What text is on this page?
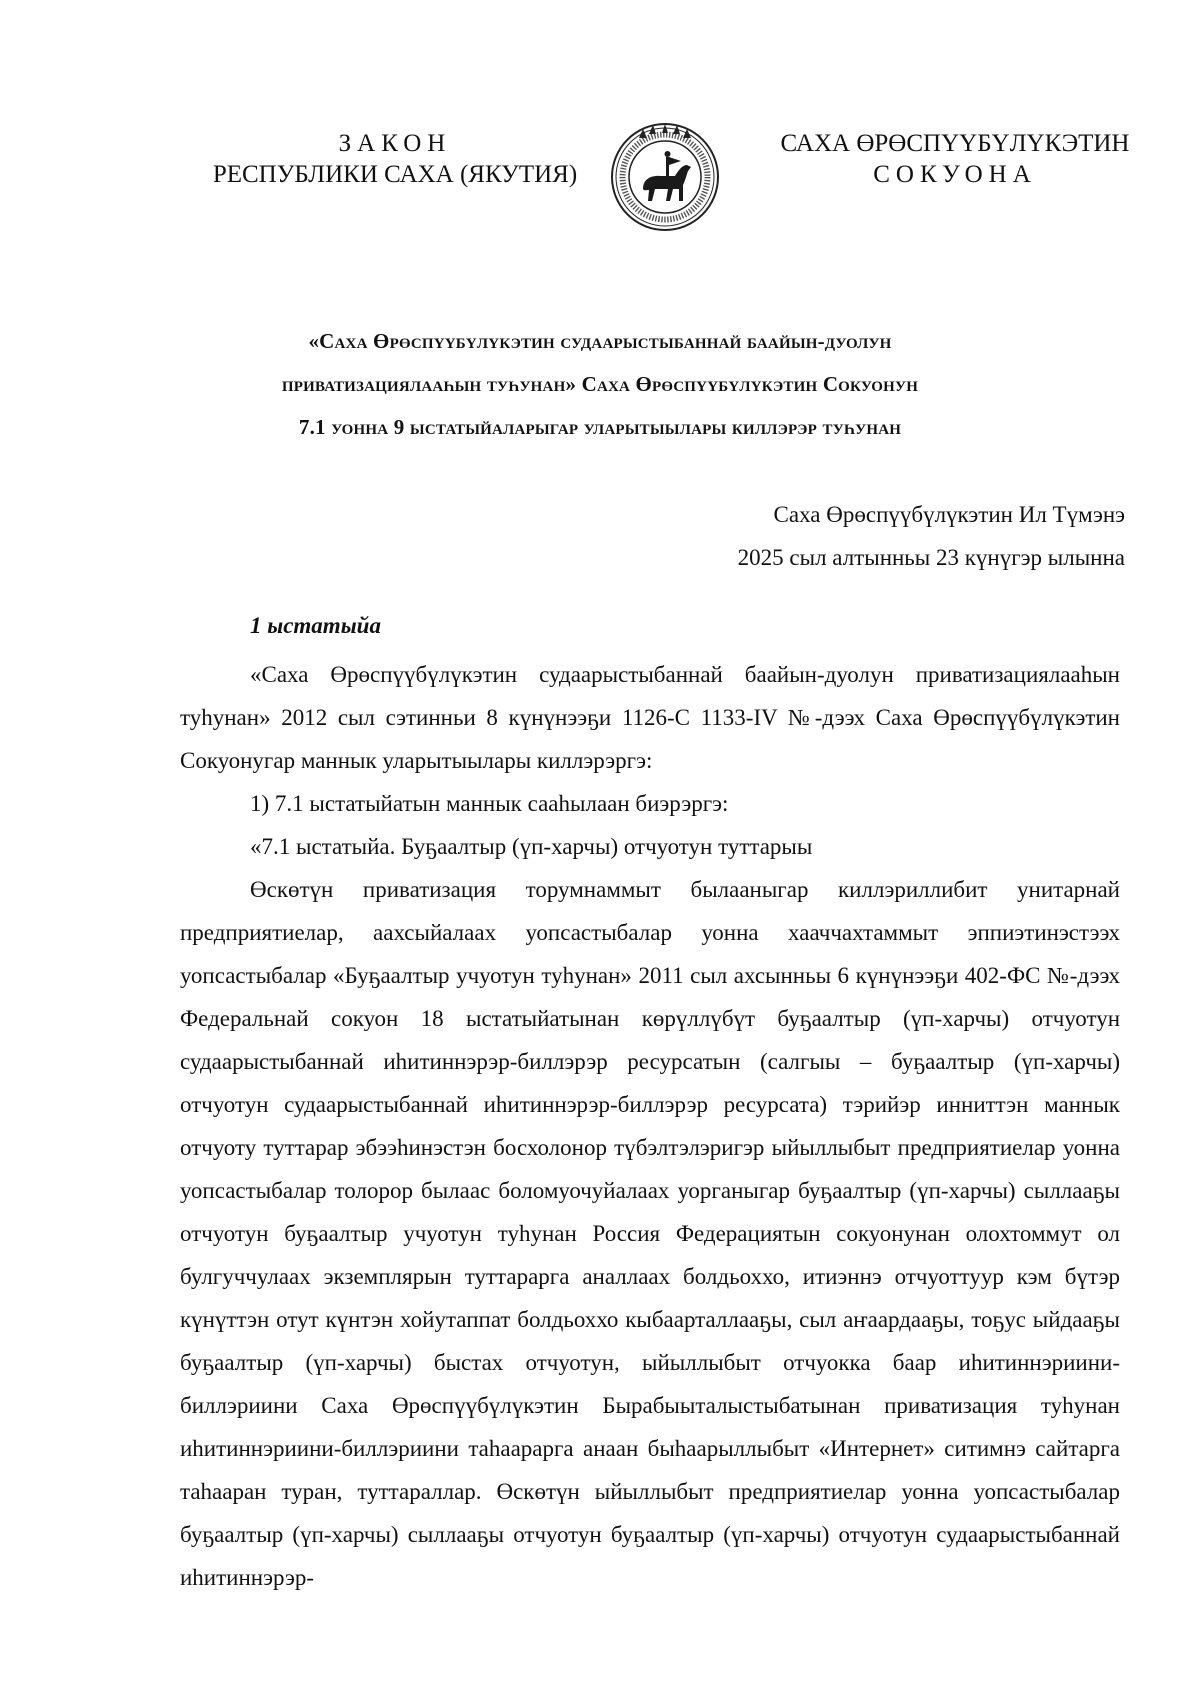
ЗАКОН
РЕСПУБЛИКИ САХА (ЯКУТИЯ)
САХА ӨРӨСПҮҮБҮЛҮКЭТИН
СОКУОНА
«Саха Өрөспүүбүлүкэтин судаарыстыбаннай баайын-дуолун
приватизациялааһын туһунан» Саха Өрөспүүбүлүкэтин Сокуонун
7.1 уонна 9 ыстатыйаларыгар уларытыылары киллэрэр туһунан
Саха Өрөспүүбүлүкэтин Ил Түмэнэ
2025 сыл алтынньы 23 күнүгэр ылынна
1 ыстатыйа

«Саха Өрөспүүбүлүкэтин судаарыстыбаннай баайын-дуолун приватизациялааһын туһунан» 2012 сыл сэтинньи 8 күнүнээҕи 1126-С 1133-IV №-дээх Саха Өрөспүүбүлүкэтин Сокуонугар маннык уларытыылары киллэрэргэ:

1) 7.1 ыстатыйатын маннык сааһылаан биэрэргэ:

«7.1 ыстатыйа. Буҕаалтыр (үп-харчы) отчуотун туттарыы

Өскөтүн приватизация торумнаммыт былааныгар киллэриллибит унитарнай предприятиелар, аахсыйалаах уопсастыбалар уонна хааччахтаммыт эппиэтинэстээх уопсастыбалар «Буҕаалтыр учуотун туһунан» 2011 сыл ахсынньы 6 күнүнээҕи 402-ФС №-дээх Федеральнай сокуон 18 ыстатыйатынан көрүллүбүт буҕаалтыр (үп-харчы) отчуотун судаарыстыбаннай иһитиннэрэр-биллэрэр ресурсатын (салгыы – буҕаалтыр (үп-харчы) отчуотун судаарыстыбаннай иһитиннэрэр-биллэрэр ресурсата) тэрийэр инниттэн маннык отчуоту туттарар эбээһинэстэн босхолонор түбэлтэлэригэр ыйыллыбыт предприятиелар уонна уопсастыбалар толорор былаас боломуочуйалаах уорганыгар буҕаалтыр (үп-харчы) сыллааҕы отчуотун буҕаалтыр учуотун туһунан Россия Федерациятын сокуонунан олохтоммут ол булгуччулаах экземплярын туттарарга аналлаах болдьоххо, итиэннэ отчуоттуур кэм бүтэр күнүттэн отут күнтэн хойутаппат болдьоххо кыбаарталлааҕы, сыл аҥаардааҕы, тоҕус ыйдааҕы буҕаалтыр (үп-харчы) быстах отчуотун, ыйыллыбыт отчуокка баар иһитиннэриини-биллэриини Саха Өрөспүүбүлүкэтин Бырабыыталыстыбатынан приватизация туһунан иһитиннэриини-биллэриини таһаарарга анаан быһаарыллыбыт «Интернет» ситимнэ сайтарга таһааран туран, туттараллар. Өскөтүн ыйыллыбыт предприятиелар уонна уопсастыбалар буҕаалтыр (үп-харчы) сыллааҕы отчуотун буҕаалтыр (үп-харчы) отчуотун судаарыстыбаннай иһитиннэрэр-
